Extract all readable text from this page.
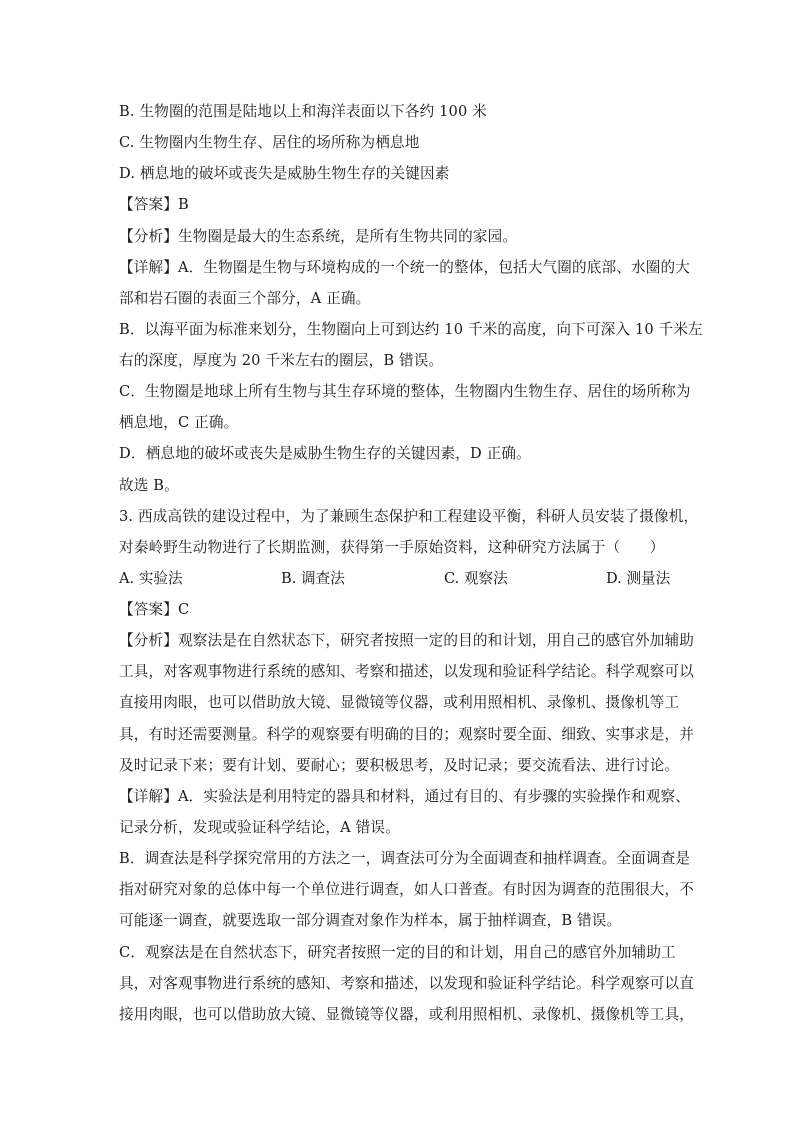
B. 生物圈的范围是陆地以上和海洋表面以下各约 100 米
C. 生物圈内生物生存、居住的场所称为栖息地
D. 栖息地的破坏或丧失是威胁生物生存的关键因素
【答案】B
【分析】生物圈是最大的生态系统，是所有生物共同的家园。
【详解】A．生物圈是生物与环境构成的一个统一的整体，包括大气圈的底部、水圈的大
部和岩石圈的表面三个部分，A 正确。
B．以海平面为标准来划分，生物圈向上可到达约 10 千米的高度，向下可深入 10 千米左
右的深度，厚度为 20 千米左右的圈层，B 错误。
C．生物圈是地球上所有生物与其生存环境的整体，生物圈内生物生存、居住的场所称为
栖息地，C 正确。
D．栖息地的破坏或丧失是威胁生物生存的关键因素，D 正确。
故选 B。
3. 西成高铁的建设过程中，为了兼顾生态保护和工程建设平衡，科研人员安装了摄像机，
对秦岭野生动物进行了长期监测，获得第一手原始资料，这种研究方法属于（　　）
A. 实验法	B. 调查法	C. 观察法	D. 测量法
【答案】C
【分析】观察法是在自然状态下，研究者按照一定的目的和计划，用自己的感官外加辅助
工具，对客观事物进行系统的感知、考察和描述，以发现和验证科学结论。科学观察可以
直接用肉眼，也可以借助放大镜、显微镜等仪器，或利用照相机、录像机、摄像机等工
具，有时还需要测量。科学的观察要有明确的目的；观察时要全面、细致、实事求是，并
及时记录下来；要有计划、要耐心；要积极思考，及时记录；要交流看法、进行讨论。
【详解】A．实验法是利用特定的器具和材料，通过有目的、有步骤的实验操作和观察、
记录分析，发现或验证科学结论，A 错误。
B．调查法是科学探究常用的方法之一，调查法可分为全面调查和抽样调查。全面调查是
指对研究对象的总体中每一个单位进行调查，如人口普查。有时因为调查的范围很大，不
可能逐一调查，就要选取一部分调查对象作为样本，属于抽样调查，B 错误。
C．观察法是在自然状态下，研究者按照一定的目的和计划，用自己的感官外加辅助工
具，对客观事物进行系统的感知、考察和描述，以发现和验证科学结论。科学观察可以直
接用肉眼，也可以借助放大镜、显微镜等仪器，或利用照相机、录像机、摄像机等工具，
